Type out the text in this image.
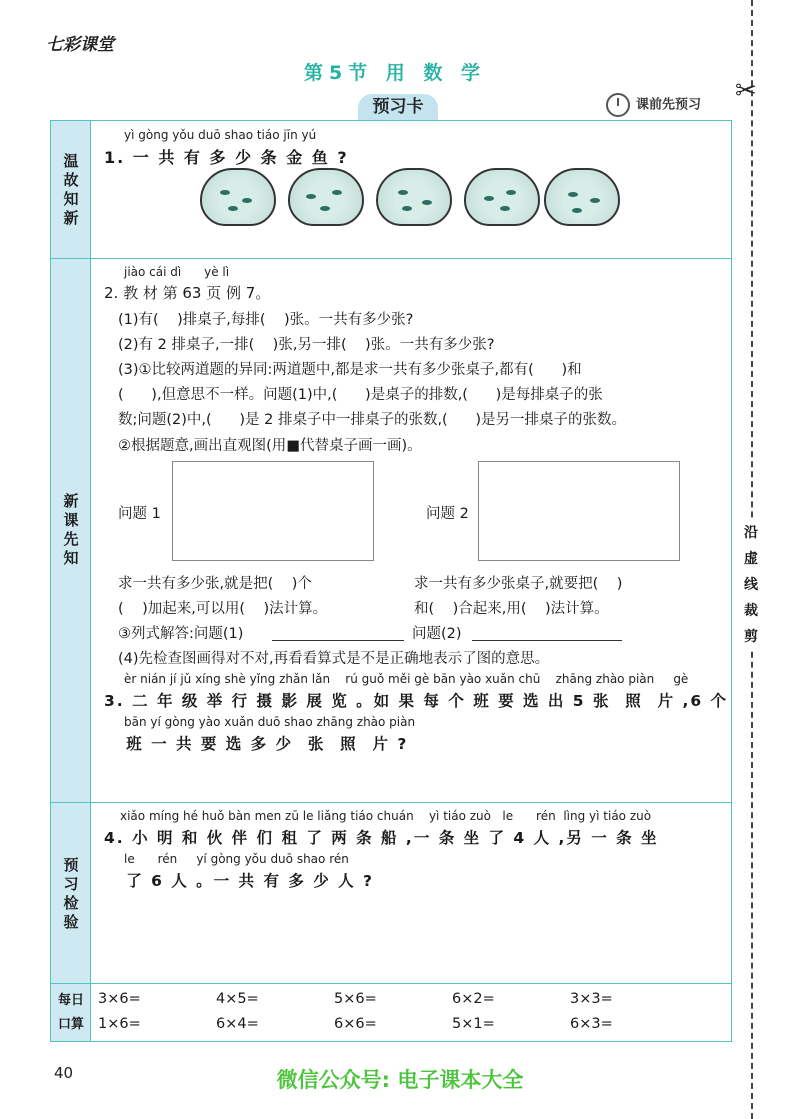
七彩课堂
第5节 用 数 学
预习卡	课前先预习 ✂
沿虚线裁剪
温故知新
新课先知
预习检验
每日口算
yì gòng yǒu duō shao tiáo jīn yú
1. 一 共 有 多 少 条 金 鱼 ?
jiào cái dì      yè lì
2. 教 材 第 63 页 例 7。
(1)有(    )排桌子,每排(    )张。一共有多少张?
(2)有 2 排桌子,一排(    )张,另一排(    )张。一共有多少张?
(3)①比较两道题的异同:两道题中,都是求一共有多少张桌子,都有(      )和
(      ),但意思不一样。问题(1)中,(      )是桌子的排数,(      )是每排桌子的张
数;问题(2)中,(      )是 2 排桌子中一排桌子的张数,(      )是另一排桌子的张数。
②根据题意,画出直观图(用■代替桌子画一画)。
问题 1	问题 2
求一共有多少张,就是把(    )个
(    )加起来,可以用(    )法计算。
求一共有多少张桌子,就要把(    )
和(    )合起来,用(    )法计算。
③列式解答:问题(1)	问题(2)
(4)先检查图画得对不对,再看看算式是不是正确地表示了图的意思。
èr nián jí jǔ xíng shè yǐng zhǎn lǎn    rú guǒ měi gè bān yào xuǎn chū    zhāng zhào piàn     gè
3. 二 年 级 举 行 摄 影 展 览 。如 果 每 个 班 要 选 出 5 张  照  片 ,6 个
bān yí gòng yào xuǎn duō shao zhāng zhào piàn
班 一 共 要 选 多 少  张  照  片 ?
xiǎo míng hé huǒ bàn men zū le liǎng tiáo chuán    yì tiáo zuò   le      rén  lìng yì tiáo zuò
4. 小 明 和 伙 伴 们 租 了 两 条 船 ,一 条 坐 了 4 人 ,另 一 条 坐
le      rén     yí gòng yǒu duō shao rén
了 6 人 。一 共 有 多 少 人 ?
3×6=	4×5=	5×6=	6×2=	3×3=
1×6=	6×4=	6×6=	5×1=	6×3=
40	微信公众号: 电子课本大全
